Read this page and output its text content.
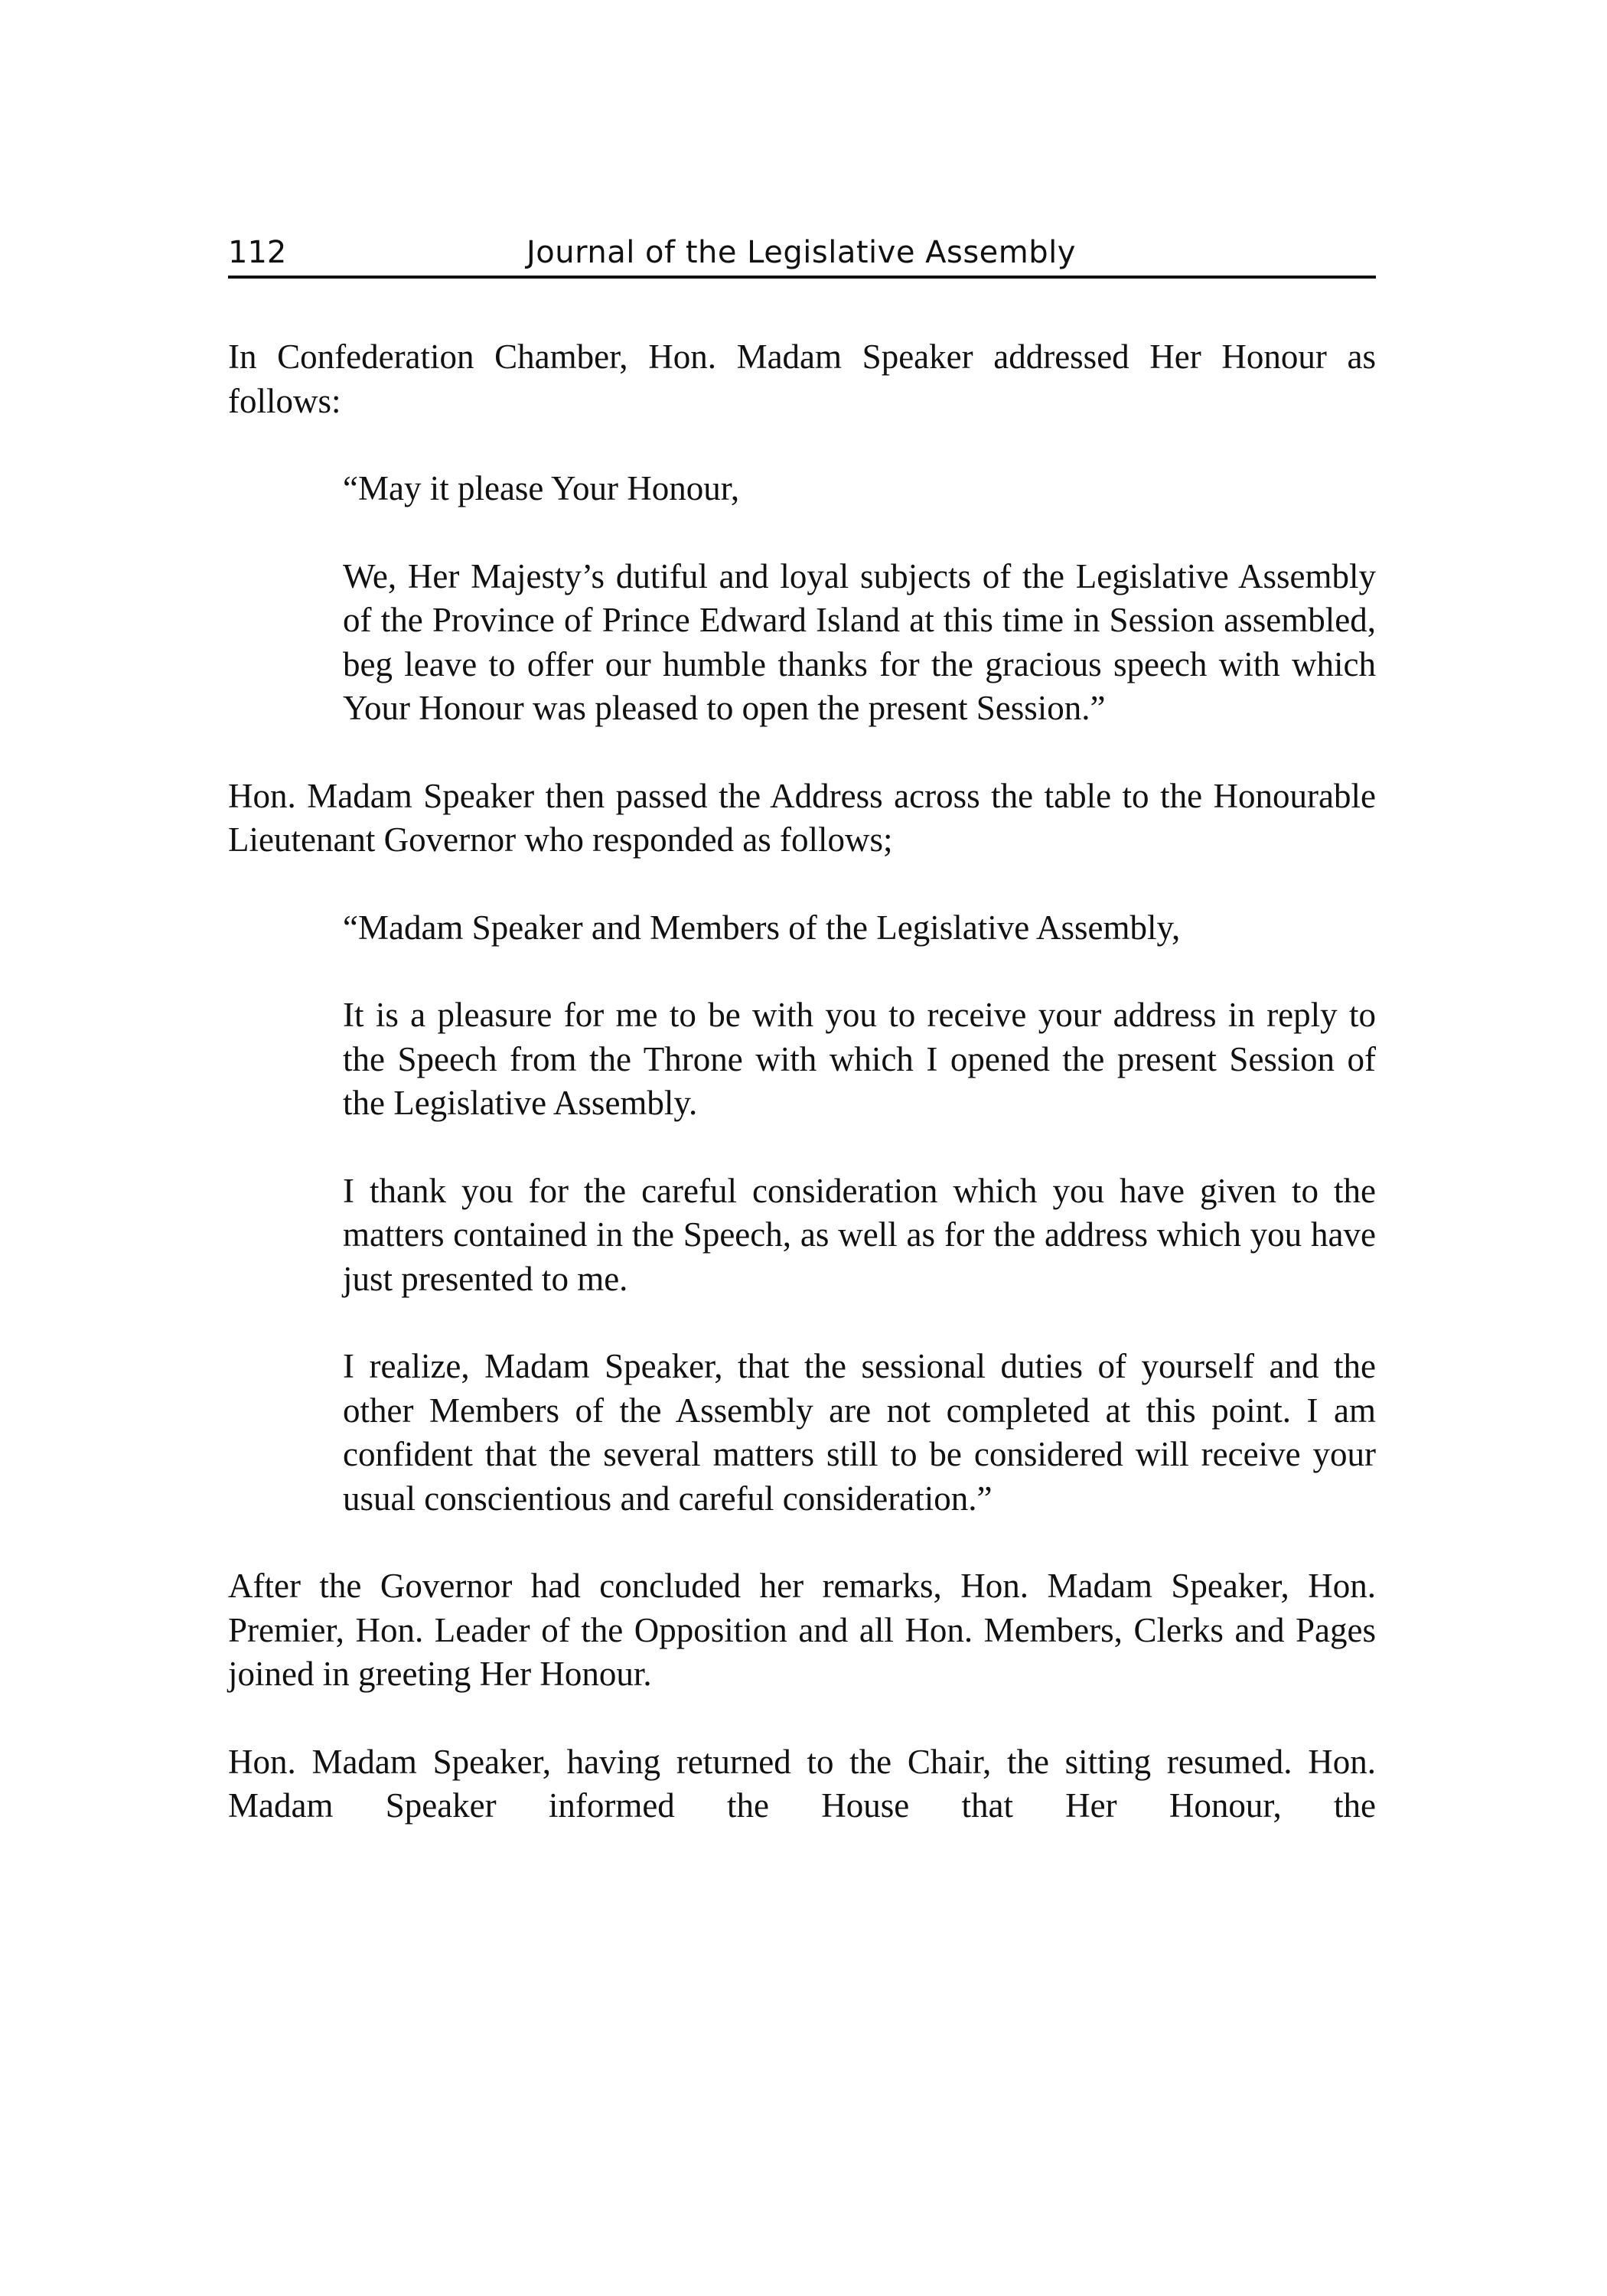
112	Journal of the Legislative Assembly

In Confederation Chamber, Hon. Madam Speaker addressed Her Honour as follows:

“May it please Your Honour,

We, Her Majesty’s dutiful and loyal subjects of the Legislative Assembly of the Province of Prince Edward Island at this time in Session assembled, beg leave to offer our humble thanks for the gracious speech with which Your Honour was pleased to open the present Session.”

Hon. Madam Speaker then passed the Address across the table to the Honourable Lieutenant Governor who responded as follows;

“Madam Speaker and Members of the Legislative Assembly,

It is a pleasure for me to be with you to receive your address in reply to the Speech from the Throne with which I opened the present Session of the Legislative Assembly.

I thank you for the careful consideration which you have given to the matters contained in the Speech, as well as for the address which you have just presented to me.

I realize, Madam Speaker, that the sessional duties of yourself and the other Members of the Assembly are not completed at this point. I am confident that the several matters still to be considered will receive your usual conscientious and careful consideration.”

After the Governor had concluded her remarks, Hon. Madam Speaker, Hon. Premier, Hon. Leader of the Opposition and all Hon. Members, Clerks and Pages joined in greeting Her Honour.

Hon. Madam Speaker, having returned to the Chair, the sitting resumed. Hon. Madam Speaker informed the House that Her Honour, the
